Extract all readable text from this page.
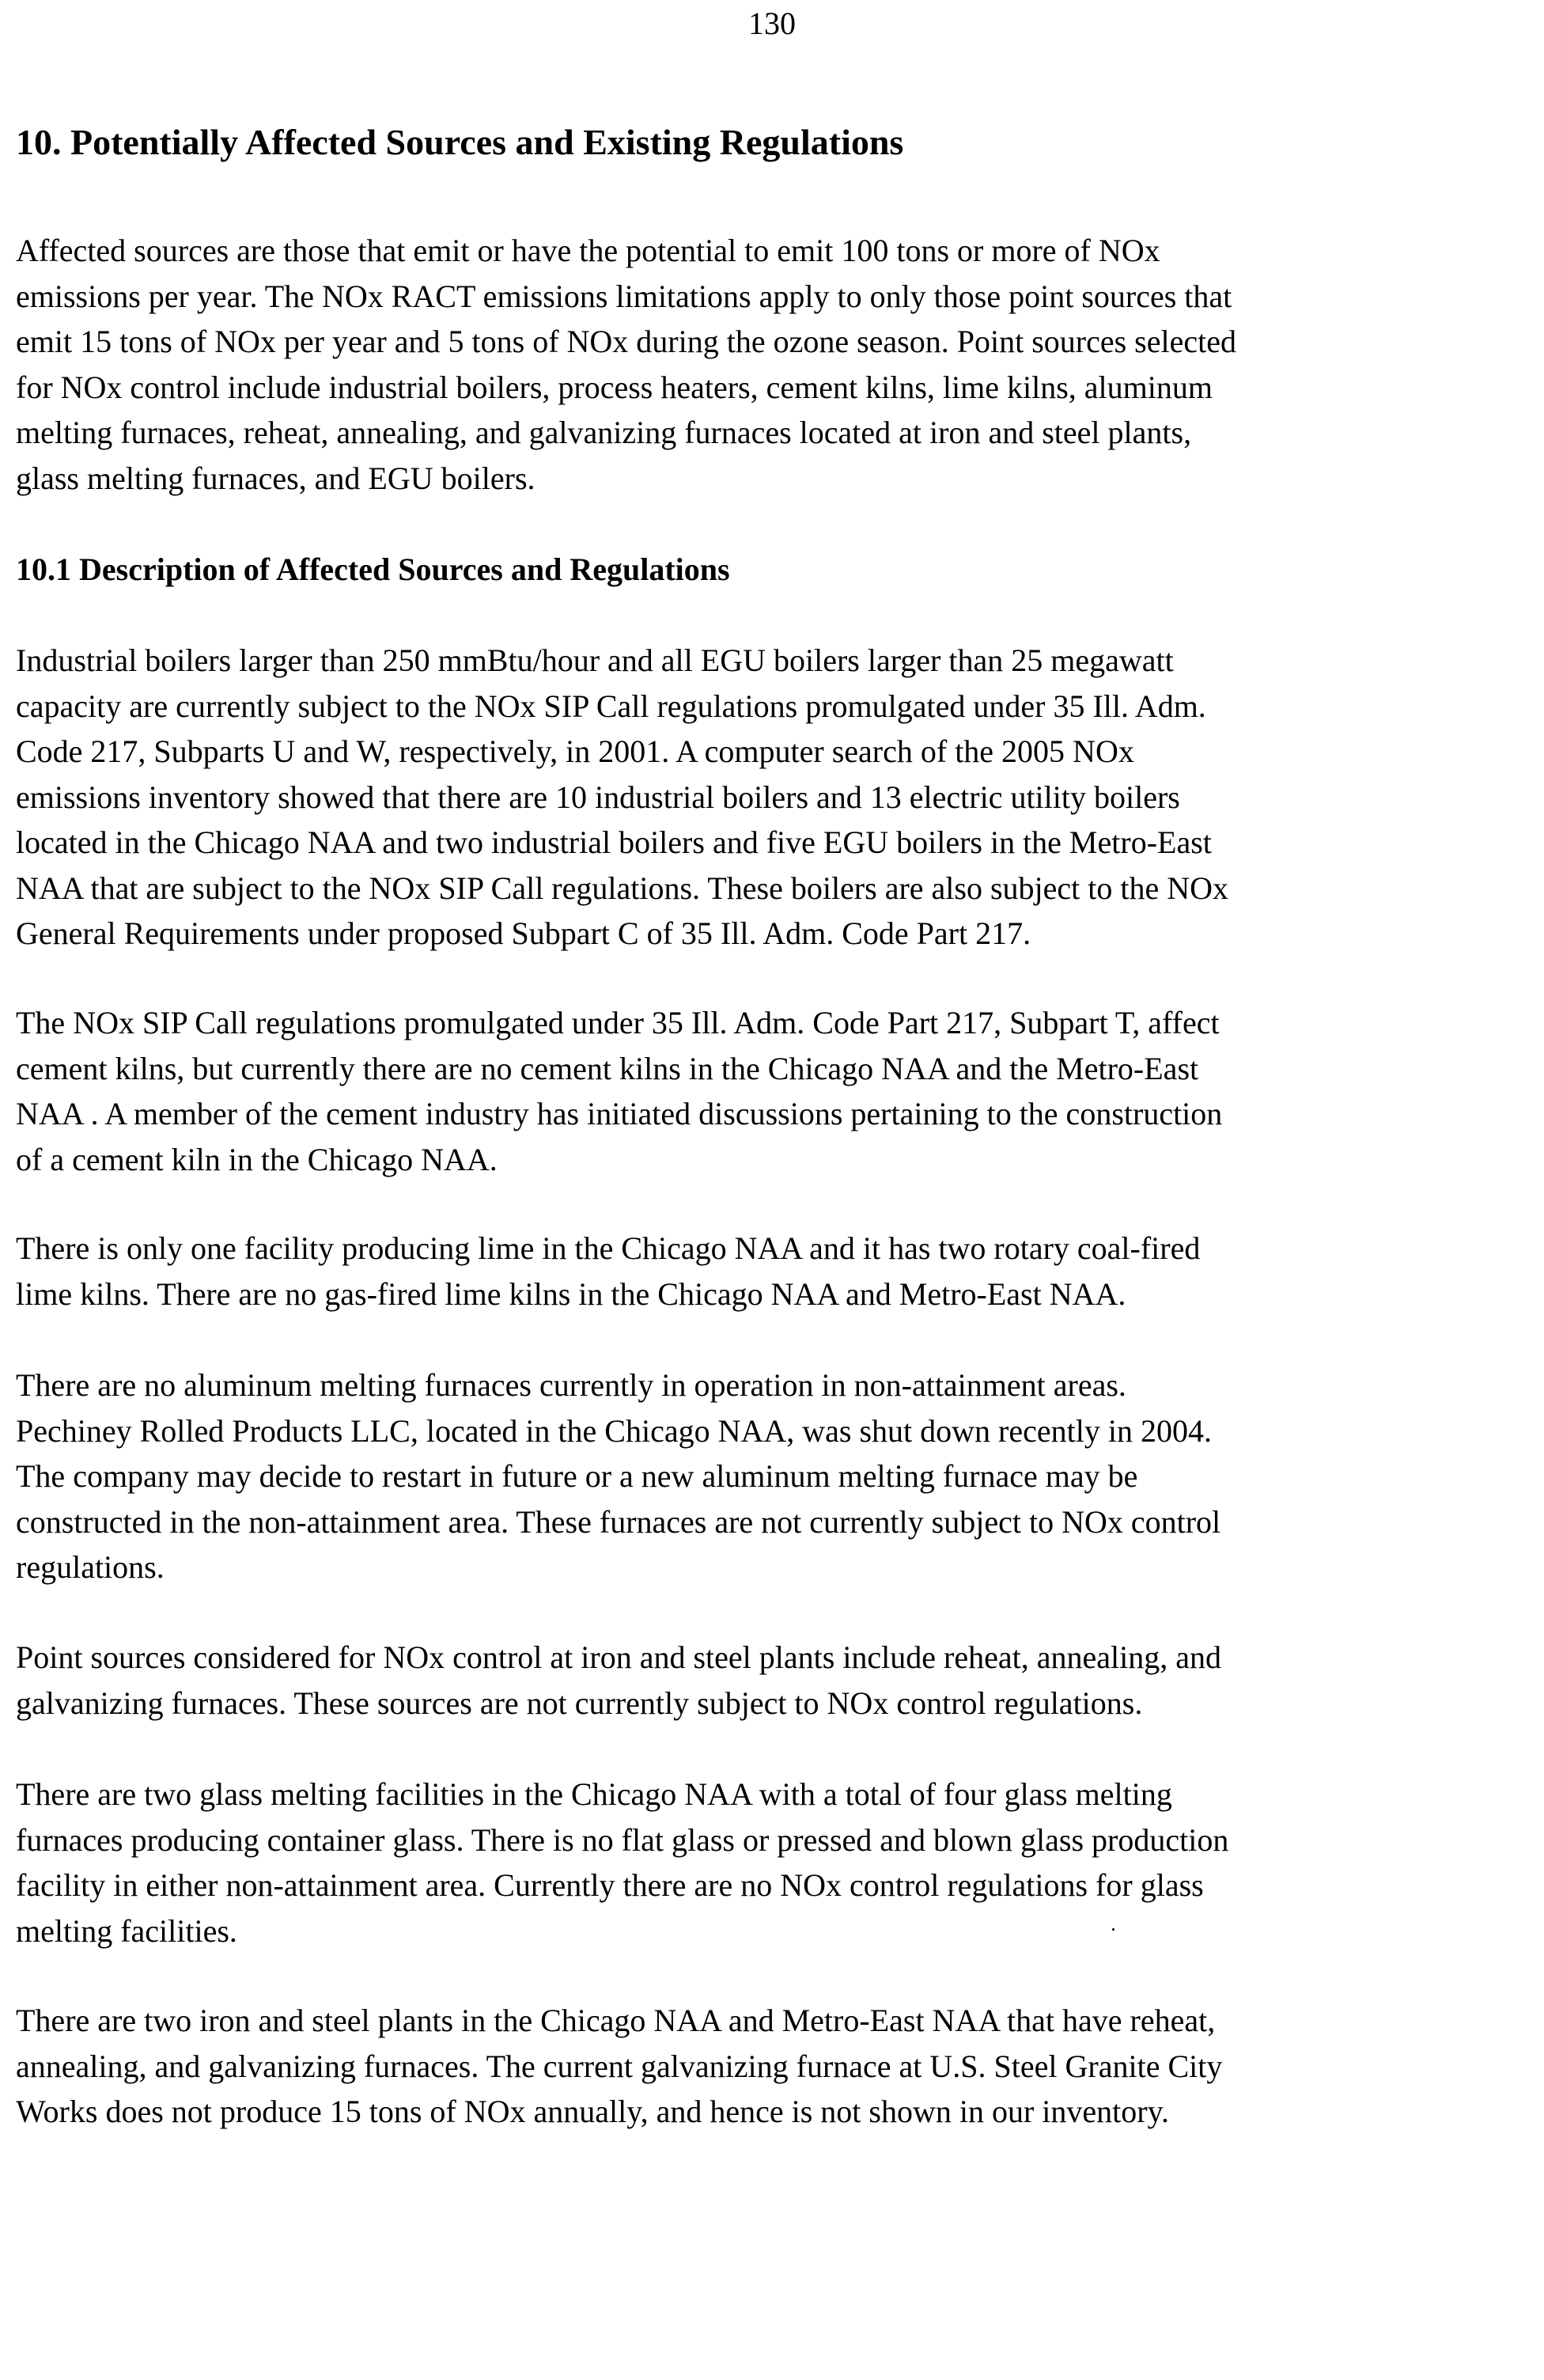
130
10. Potentially Affected Sources and Existing Regulations

Affected sources are those that emit or have the potential to emit 100 tons or more of NOx
emissions per year. The NOx RACT emissions limitations apply to only those point sources that
emit 15 tons of NOx per year and 5 tons of NOx during the ozone season. Point sources selected
for NOx control include industrial boilers, process heaters, cement kilns, lime kilns, aluminum
melting furnaces, reheat, annealing, and galvanizing furnaces located at iron and steel plants,
glass melting furnaces, and EGU boilers.

10.1 Description of Affected Sources and Regulations

Industrial boilers larger than 250 mmBtu/hour and all EGU boilers larger than 25 megawatt
capacity are currently subject to the NOx SIP Call regulations promulgated under 35 Ill. Adm.
Code 217, Subparts U and W, respectively, in 2001. A computer search of the 2005 NOx
emissions inventory showed that there are 10 industrial boilers and 13 electric utility boilers
located in the Chicago NAA and two industrial boilers and five EGU boilers in the Metro-East
NAA that are subject to the NOx SIP Call regulations. These boilers are also subject to the NOx
General Requirements under proposed Subpart C of 35 Ill. Adm. Code Part 217.

The NOx SIP Call regulations promulgated under 35 Ill. Adm. Code Part 217, Subpart T, affect
cement kilns, but currently there are no cement kilns in the Chicago NAA and the Metro-East
NAA . A member of the cement industry has initiated discussions pertaining to the construction
of a cement kiln in the Chicago NAA.

There is only one facility producing lime in the Chicago NAA and it has two rotary coal-fired
lime kilns. There are no gas-fired lime kilns in the Chicago NAA and Metro-East NAA.

There are no aluminum melting furnaces currently in operation in non-attainment areas.
Pechiney Rolled Products LLC, located in the Chicago NAA, was shut down recently in 2004.
The company may decide to restart in future or a new aluminum melting furnace may be
constructed in the non-attainment area. These furnaces are not currently subject to NOx control
regulations.

Point sources considered for NOx control at iron and steel plants include reheat, annealing, and
galvanizing furnaces. These sources are not currently subject to NOx control regulations.

There are two glass melting facilities in the Chicago NAA with a total of four glass melting
furnaces producing container glass. There is no flat glass or pressed and blown glass production
facility in either non-attainment area. Currently there are no NOx control regulations for glass
melting facilities.

There are two iron and steel plants in the Chicago NAA and Metro-East NAA that have reheat,
annealing, and galvanizing furnaces. The current galvanizing furnace at U.S. Steel Granite City
Works does not produce 15 tons of NOx annually, and hence is not shown in our inventory.
